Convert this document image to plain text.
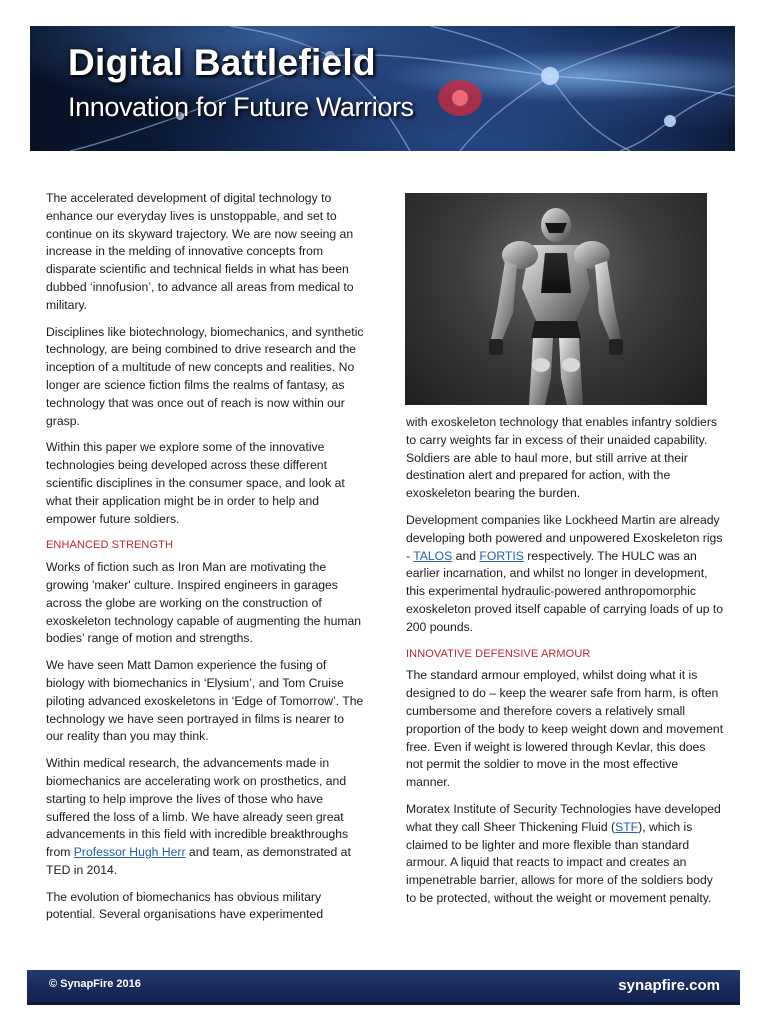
Digital Battlefield
Innovation for Future Warriors

The accelerated development of digital technology to enhance our everyday lives is unstoppable, and set to continue on its skyward trajectory. We are now seeing an increase in the melding of innovative concepts from disparate scientific and technical fields in what has been dubbed ‘innofusion’, to advance all areas from medical to military.

Disciplines like biotechnology, biomechanics, and synthetic technology, are being combined to drive research and the inception of a multitude of new concepts and realities. No longer are science fiction films the realms of fantasy, as technology that was once out of reach is now within our grasp.

Within this paper we explore some of the innovative technologies being developed across these different scientific disciplines in the consumer space, and look at what their application might be in order to help and empower future soldiers.

ENHANCED STRENGTH

Works of fiction such as Iron Man are motivating the growing 'maker' culture. Inspired engineers in garages across the globe are working on the construction of exoskeleton technology capable of augmenting the human bodies’ range of motion and strengths.

We have seen Matt Damon experience the fusing of biology with biomechanics in ‘Elysium’, and Tom Cruise piloting advanced exoskeletons in ‘Edge of Tomorrow’. The technology we have seen portrayed in films is nearer to our reality than you may think.

Within medical research, the advancements made in biomechanics are accelerating work on prosthetics, and starting to help improve the lives of those who have suffered the loss of a limb. We have already seen great advancements in this field with incredible breakthroughs from Professor Hugh Herr and team, as demonstrated at TED in 2014.

The evolution of biomechanics has obvious military potential. Several organisations have experimented

with exoskeleton technology that enables infantry soldiers to carry weights far in excess of their unaided capability. Soldiers are able to haul more, but still arrive at their destination alert and prepared for action, with the exoskeleton bearing the burden.

Development companies like Lockheed Martin are already developing both powered and unpowered Exoskeleton rigs - TALOS and FORTIS respectively. The HULC was an earlier incarnation, and whilst no longer in development, this experimental hydraulic-powered anthropomorphic exoskeleton proved itself capable of carrying loads of up to 200 pounds.

INNOVATIVE DEFENSIVE ARMOUR

The standard armour employed, whilst doing what it is designed to do – keep the wearer safe from harm, is often cumbersome and therefore covers a relatively small proportion of the body to keep weight down and movement free. Even if weight is lowered through Kevlar, this does not permit the soldier to move in the most effective manner.

Moratex Institute of Security Technologies have developed what they call Sheer Thickening Fluid (STF), which is claimed to be lighter and more flexible than standard armour. A liquid that reacts to impact and creates an impenetrable barrier, allows for more of the soldiers body to be protected, without the weight or movement penalty.

© SynapFire 2016	synapfire.com
